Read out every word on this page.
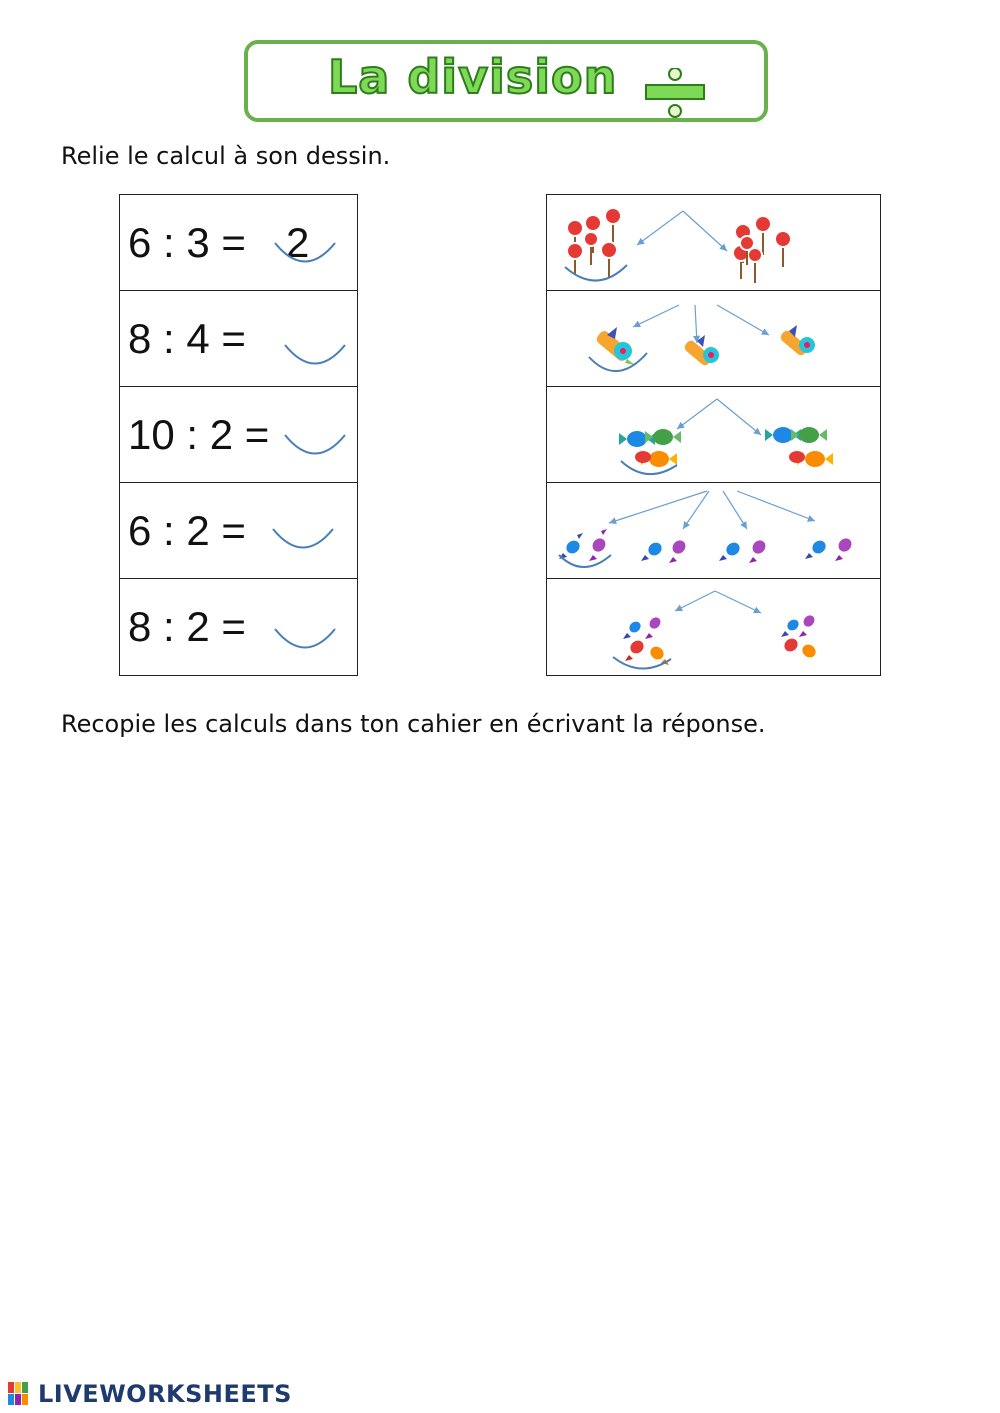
La division
Relie le calcul à son dessin.
6 : 3 = 2
8 : 4 =
10 : 2 =
6 : 2 =
8 : 2 =
Recopie les calculs dans ton cahier en écrivant la réponse.
LIVEWORKSHEETS
